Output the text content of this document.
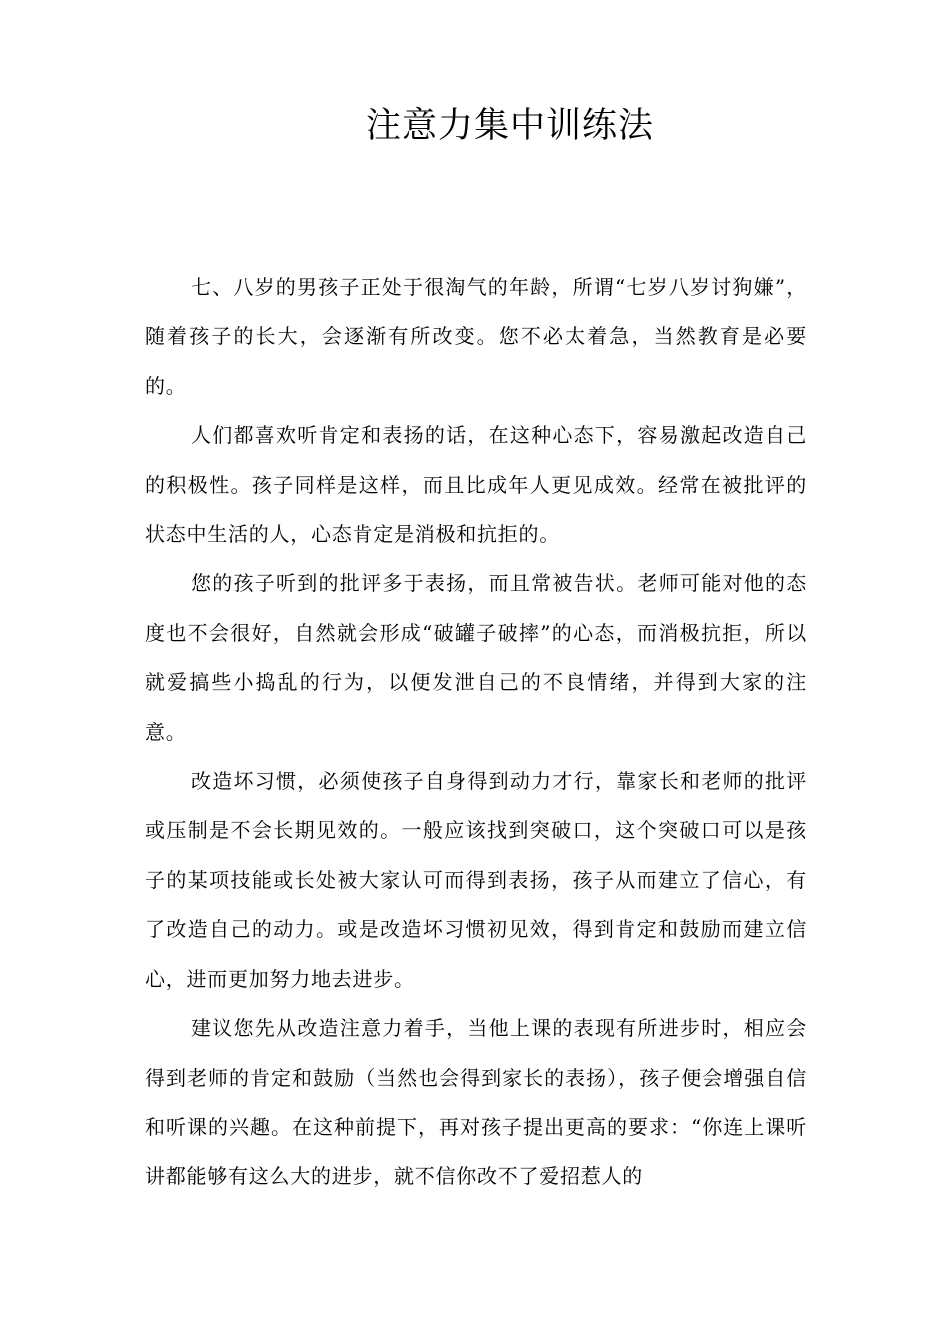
注意力集中训练法

七、八岁的男孩子正处于很淘气的年龄，所谓“七岁八岁讨狗嫌”，随着孩子的长大，会逐渐有所改变。您不必太着急，当然教育是必要的。

人们都喜欢听肯定和表扬的话，在这种心态下，容易激起改造自己的积极性。孩子同样是这样，而且比成年人更见成效。经常在被批评的状态中生活的人，心态肯定是消极和抗拒的。

您的孩子听到的批评多于表扬，而且常被告状。老师可能对他的态度也不会很好，自然就会形成“破罐子破摔”的心态，而消极抗拒，所以就爱搞些小捣乱的行为，以便发泄自己的不良情绪，并得到大家的注意。

改造坏习惯，必须使孩子自身得到动力才行，靠家长和老师的批评或压制是不会长期见效的。一般应该找到突破口，这个突破口可以是孩子的某项技能或长处被大家认可而得到表扬，孩子从而建立了信心，有了改造自己的动力。或是改造坏习惯初见效，得到肯定和鼓励而建立信心，进而更加努力地去进步。

建议您先从改造注意力着手，当他上课的表现有所进步时，相应会得到老师的肯定和鼓励（当然也会得到家长的表扬），孩子便会增强自信和听课的兴趣。在这种前提下，再对孩子提出更高的要求：“你连上课听讲都能够有这么大的进步，就不信你改不了爱招惹人的
